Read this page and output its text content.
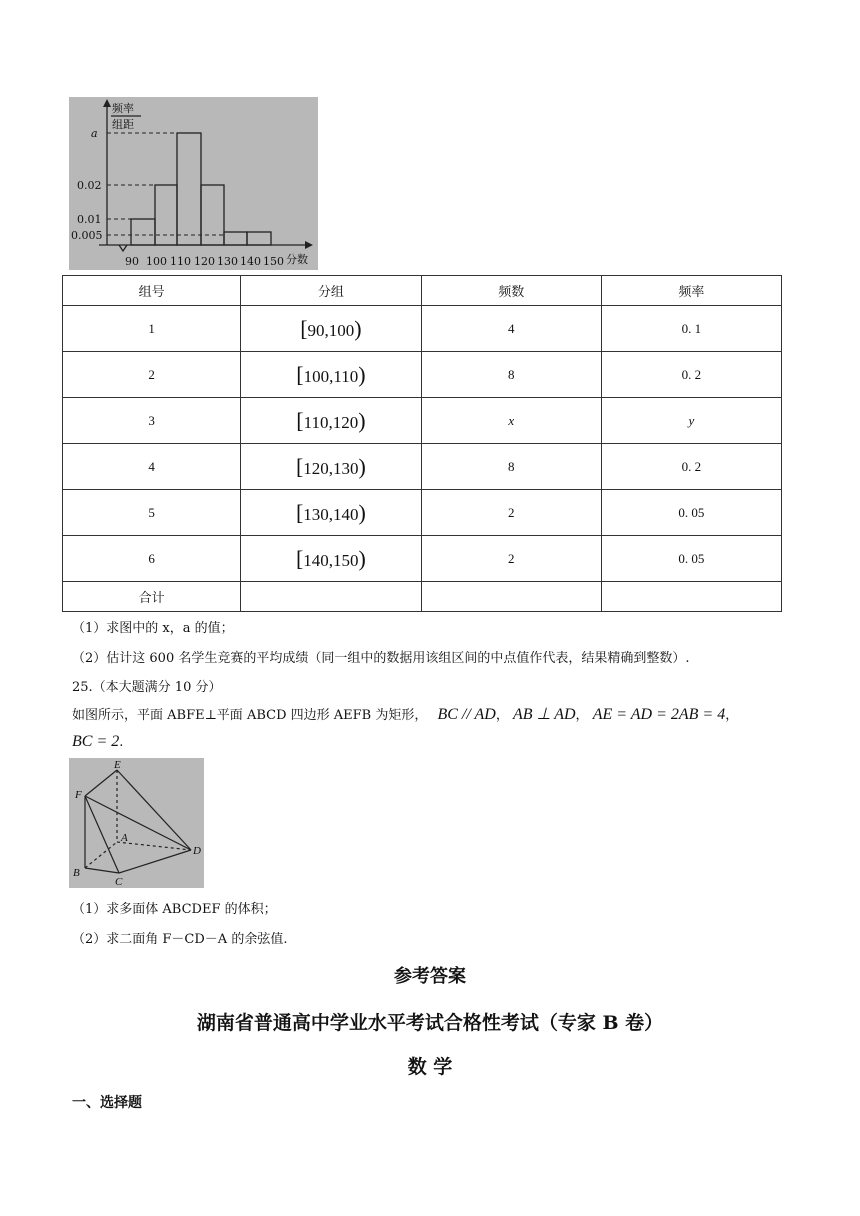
频率
组距
a
0.02
0.01
0.005
90 100 110 120 130 140 150 分数
组号	分组	频数	频率
1	[90,100)	4	0. 1
2	[100,110)	8	0. 2
3	[110,120)	x	y
4	[120,130)	8	0. 2
5	[130,140)	2	0. 05
6	[140,150)	2	0. 05
合计			
（1）求图中的 x，a 的值；
（2）估计这 600 名学生竞赛的平均成绩（同一组中的数据用该组区间的中点值作代表，结果精确到整数）.
25.（本大题满分 10 分）
如图所示，平面 ABFE⊥平面 ABCD 四边形 AEFB 为矩形， BC // AD， AB ⊥ AD， AE = AD = 2AB = 4，
BC = 2.
E
F
A
D
B
C
（1）求多面体 ABCDEF 的体积；
（2）求二面角 F－CD－A 的余弦值.
参考答案
湖南省普通高中学业水平考试合格性考试（专家 B 卷）
数 学
一、选择题
